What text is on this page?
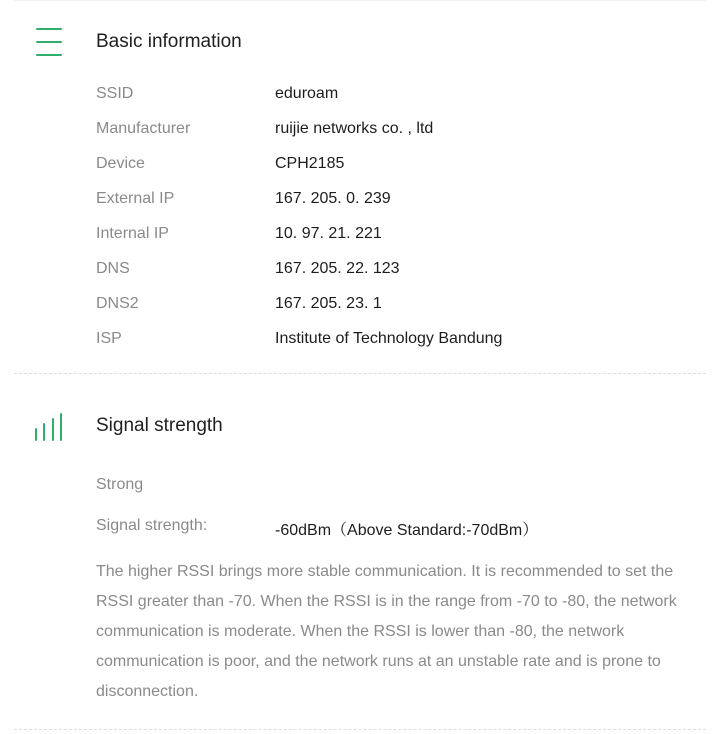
Basic information
SSID	eduroam
Manufacturer	ruijie networks co. , ltd
Device	CPH2185
External IP	167. 205. 0. 239
Internal IP	10. 97. 21. 221
DNS	167. 205. 22. 123
DNS2	167. 205. 23. 1
ISP	Institute of Technology Bandung
Signal strength
Strong
Signal strength:	-60dBm（Above Standard:-70dBm）
The higher RSSI brings more stable communication. It is recommended to set the RSSI greater than -70. When the RSSI is in the range from -70 to -80, the network communication is moderate. When the RSSI is lower than -80, the network communication is poor, and the network runs at an unstable rate and is prone to disconnection.
